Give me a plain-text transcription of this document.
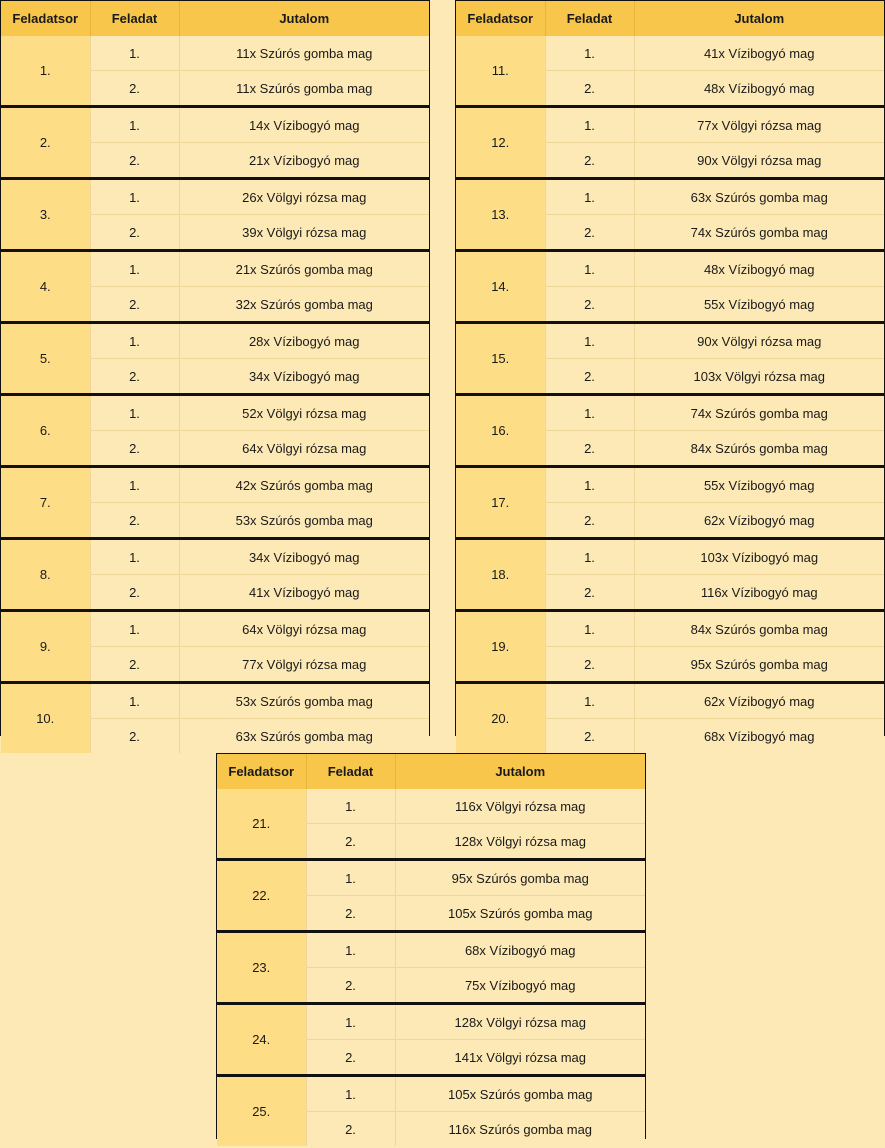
Feladatsor	Feladat	Jutalom
1.	1.	11x Szúrós gomba mag
	2.	11x Szúrós gomba mag
2.	1.	14x Vízibogyó mag
	2.	21x Vízibogyó mag
3.	1.	26x Völgyi rózsa mag
	2.	39x Völgyi rózsa mag
4.	1.	21x Szúrós gomba mag
	2.	32x Szúrós gomba mag
5.	1.	28x Vízibogyó mag
	2.	34x Vízibogyó mag
6.	1.	52x Völgyi rózsa mag
	2.	64x Völgyi rózsa mag
7.	1.	42x Szúrós gomba mag
	2.	53x Szúrós gomba mag
8.	1.	34x Vízibogyó mag
	2.	41x Vízibogyó mag
9.	1.	64x Völgyi rózsa mag
	2.	77x Völgyi rózsa mag
10.	1.	53x Szúrós gomba mag
	2.	63x Szúrós gomba mag
Feladatsor	Feladat	Jutalom
11.	1.	41x Vízibogyó mag
	2.	48x Vízibogyó mag
12.	1.	77x Völgyi rózsa mag
	2.	90x Völgyi rózsa mag
13.	1.	63x Szúrós gomba mag
	2.	74x Szúrós gomba mag
14.	1.	48x Vízibogyó mag
	2.	55x Vízibogyó mag
15.	1.	90x Völgyi rózsa mag
	2.	103x Völgyi rózsa mag
16.	1.	74x Szúrós gomba mag
	2.	84x Szúrós gomba mag
17.	1.	55x Vízibogyó mag
	2.	62x Vízibogyó mag
18.	1.	103x Vízibogyó mag
	2.	116x Vízibogyó mag
19.	1.	84x Szúrós gomba mag
	2.	95x Szúrós gomba mag
20.	1.	62x Vízibogyó mag
	2.	68x Vízibogyó mag
Feladatsor	Feladat	Jutalom
21.	1.	116x Völgyi rózsa mag
	2.	128x Völgyi rózsa mag
22.	1.	95x Szúrós gomba mag
	2.	105x Szúrós gomba mag
23.	1.	68x Vízibogyó mag
	2.	75x Vízibogyó mag
24.	1.	128x Völgyi rózsa mag
	2.	141x Völgyi rózsa mag
25.	1.	105x Szúrós gomba mag
	2.	116x Szúrós gomba mag
